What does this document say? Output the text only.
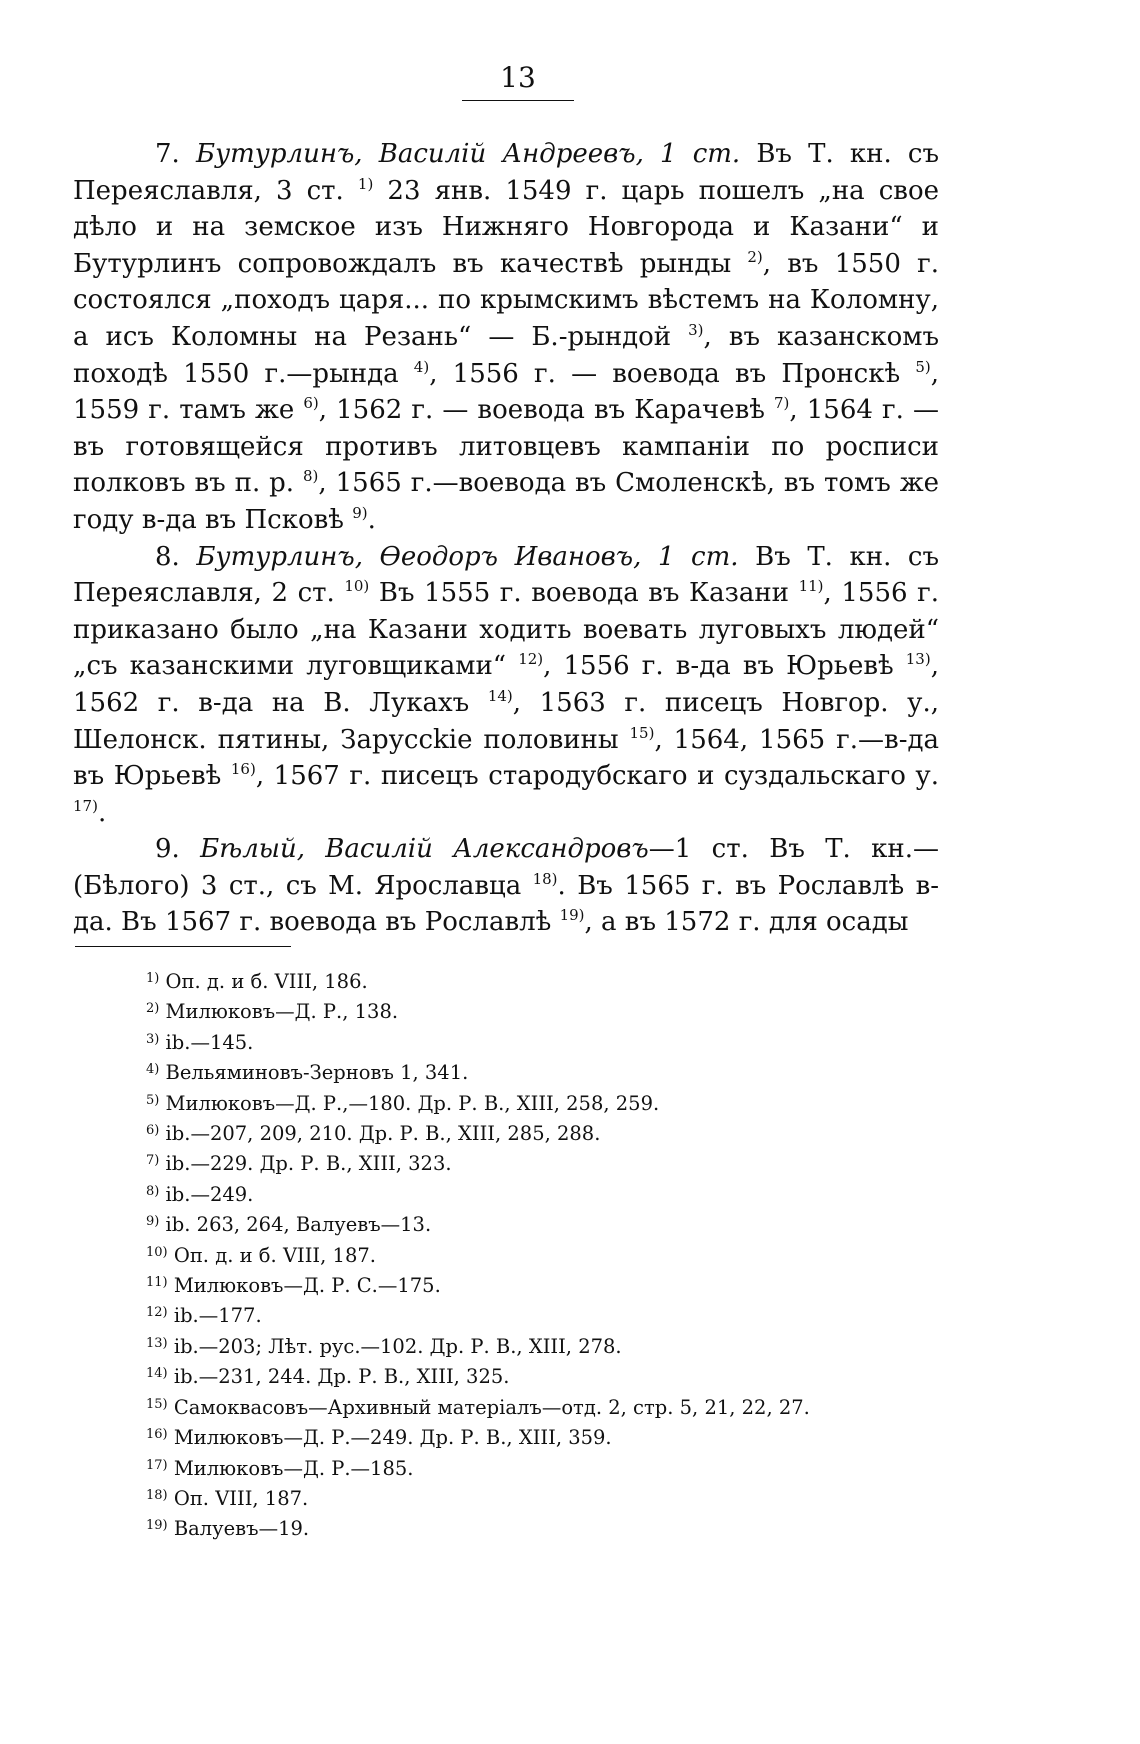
13

7. Бутурлинъ, Василій Андреевъ, 1 ст. Въ Т. кн. съ Переяславля, 3 ст. $^{1)}$ 23 янв. 1549 г. царь пошелъ „на свое дѣло и на земское изъ Нижняго Новгорода и Казани“ и Бутурлинъ сопровождалъ въ качествѣ рынды $^{2)}$, въ 1550 г. состоялся „походъ царя... по крымскимъ вѣстемъ на Коломну, а исъ Коломны на Резань“ — Б.-рындой $^{3)}$, въ казанскомъ походѣ 1550 г.—рында $^{4)}$, 1556 г. — воевода въ Пронскѣ $^{5)}$, 1559 г. тамъ же $^{6)}$, 1562 г. — воевода въ Карачевѣ $^{7)}$, 1564 г. —въ готовящейся противъ литовцевъ кампаніи по росписи полковъ въ п. р. $^{8)}$, 1565 г.—воевода въ Смоленскѣ, въ томъ же году в-да въ Псковѣ $^{9)}$.

8. Бутурлинъ, Ѳеодоръ Ивановъ, 1 ст. Въ Т. кн. съ Переяславля, 2 ст. $^{10)}$ Въ 1555 г. воевода въ Казани $^{11)}$, 1556 г. приказано было „на Казани ходить воевать луговыхъ людей“ „съ казанскими луговщиками“ $^{12)}$, 1556 г. в-да въ Юрьевѣ $^{13)}$, 1562 г. в-да на В. Лукахъ $^{14)}$, 1563 г. писецъ Новгор. у., Шелонск. пятины, Заруссkіе половины $^{15)}$, 1564, 1565 г.—в-да въ Юрьевѣ $^{16)}$, 1567 г. писецъ стародубскаго и суздальскаго у. $^{17)}$.

9. Бѣлый, Василій Александровъ—1 ст. Въ Т. кн.—(Бѣлого) 3 ст., съ М. Ярославца $^{18)}$. Въ 1565 г. въ Рославлѣ в-да. Въ 1567 г. воевода въ Рославлѣ $^{19)}$, а въ 1572 г. для осады

$^{1)}$ Оп. д. и б. VIII, 186.
$^{2)}$ Милюковъ—Д. Р., 138.
$^{3)}$ ib.—145.
$^{4)}$ Вельяминовъ-Зерновъ 1, 341.
$^{5)}$ Милюковъ—Д. Р.,—180. Др. Р. В., XIII, 258, 259.
$^{6)}$ ib.—207, 209, 210. Др. Р. В., XIII, 285, 288.
$^{7)}$ ib.—229. Др. Р. В., XIII, 323.
$^{8)}$ ib.—249.
$^{9)}$ ib. 263, 264, Валуевъ—13.
$^{10)}$ Оп. д. и б. VIII, 187.
$^{11)}$ Милюковъ—Д. Р. С.—175.
$^{12)}$ ib.—177.
$^{13)}$ ib.—203; Лѣт. рус.—102. Др. Р. В., XIII, 278.
$^{14)}$ ib.—231, 244. Др. Р. В., XIII, 325.
$^{15)}$ Самоквасовъ—Архивный матеріалъ—отд. 2, стр. 5, 21, 22, 27.
$^{16)}$ Милюковъ—Д. Р.—249. Др. Р. В., XIII, 359.
$^{17)}$ Милюковъ—Д. Р.—185.
$^{18)}$ Оп. VIII, 187.
$^{19)}$ Валуевъ—19.
